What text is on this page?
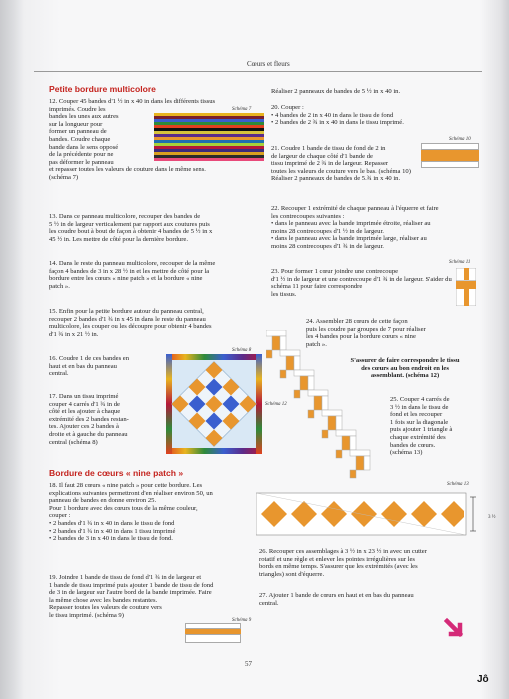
Cœurs et fleurs
Petite bordure multicolore

12. Couper 45 bandes d'1 ½ in x 40 in dans les différents tissus
imprimés. Coudre les
bandes les unes aux autres
sur la longueur pour
former un panneau de
bandes. Coudre chaque
bande dans le sens opposé
de la précédente pour ne
pas déformer le panneau
et repasser toutes les valeurs de couture dans le même sens.
(schéma 7)

Schéma 7

13. Dans ce panneau multicolore, recouper des bandes de
5 ½ in de largeur verticalement par rapport aux coutures puis
les coudre bout à bout de façon à obtenir 4 bandes de 5 ½ in x
45 ½ in. Les mettre de côté pour la dernière bordure.

14. Dans le reste du panneau multicolore, recouper de la même
façon 4 bandes de 3 in x 28 ½ in et les mettre de côté pour la
bordure entre les cœurs « nine patch » et la bordure « nine
patch ».

15. Enfin pour la petite bordure autour du panneau central,
recouper 2 bandes d'1 ¾ in x 45 in dans le reste du panneau
multicolore, les couper ou les découpre pour obtenir 4 bandes
d'1 ¾ in x 21 ½ in.

16. Coudre 1 de ces bandes en
haut et en bas du panneau
central.

17. Dans un tissu imprimé
couper 4 carrés d'1 ¾ in de
côté et les ajouter à chaque
extrémité des 2 bandes restan-
tes. Ajouter ces 2 bandes à
droite et à gauche du panneau
central (schéma 8)

Schéma 8
Bordure de cœurs « nine patch »

18. Il faut 28 cœurs « nine patch » pour cette bordure. Les
explications suivantes permettront d'en réaliser environ 50, un
panneau de bandes en donne environ 25.
Pour 1 bordure avec des cœurs tous de la même couleur,
couper :
• 2 bandes d'1 ¾ in x 40 in dans le tissu de fond
• 2 bandes d'1 ¾ in x 40 in dans 1 tissu imprimé
• 2 bandes de 3 in x 40 in dans le tissu de fond.

19. Joindre 1 bande de tissu de fond d'1 ¾ in de largeur et
1 bande de tissu imprimé puis ajouter 1 bande de tissu de fond
de 3 in de largeur sur l'autre bord de la bande imprimée. Faire
la même chose avec les bandes restantes.
Repasser toutes les valeurs de couture vers
le tissu imprimé. (schéma 9)

Schéma 9

Réaliser 2 panneaux de bandes de 5 ½ in x 40 in.

20. Couper :
• 4 bandes de 2 in x 40 in dans le tissu de fond
• 2 bandes de 2 ¾ in x 40 in dans le tissu imprimé.

Schéma 10

21. Coudre 1 bande de tissu de fond de 2 in
de largeur de chaque côté d'1 bande de
tissu imprimé de 2 ¾ in de largeur. Repasser
toutes les valeurs de couture vers le bas. (schéma 10)
Réaliser 2 panneaux de bandes de 5.¾ in x 40 in.

22. Recouper 1 extrémité de chaque panneau à l'équerre et faire
les contrecoupes suivantes :
• dans le panneau avec la bande imprimée étroite, réaliser au
moins 28 contrecoupes d'1 ½ in de largeur.
• dans le panneau avec la bande imprimée large, réaliser au
moins 28 contrecoupes d'1 ¾ in de largeur.

23. Pour former 1 cœur joindre une contrecoupe
d'1 ½ in de largeur et une contrecoupe d'1 ¾ in de largeur. S'aider du schéma 11 pour faire correspondre
les tissus.

Schéma 11

24. Assembler 28 cœurs de cette façon
puis les coudre par groupes de 7 pour réaliser
les 4 bandes pour la bordure cœurs « nine
patch ».

S'assurer de faire correspondre le tissu
des cœurs au bon endroit en les
assemblant. (schéma 12)

Schéma 12

25. Couper 4 carrés de
3 ½ in dans le tissu de
fond et les recouper
1 fois sur la diagonale
puis ajouter 1 triangle à
chaque extrémité des
bandes de cœurs.
(schéma 13)

Schéma 13
3 ½

26. Recouper ces assemblages à 3 ½ in x 23 ½ in avec un cutter
rotatif et une règle et enlever les pointes irrégulières sur les
bords en même temps. S'assurer que les extrémités (avec les
triangles) sont d'équerre.

27. Ajouter 1 bande de cœurs en haut et en bas du panneau
central.

57
Jô
